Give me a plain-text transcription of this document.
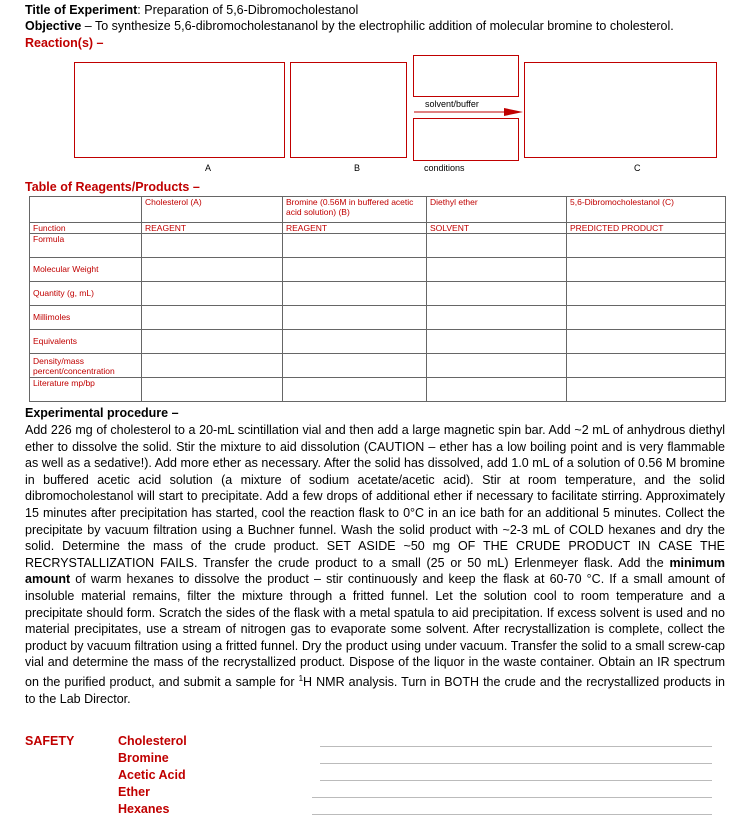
Title of Experiment: Preparation of 5,6-Dibromocholestanol
Objective – To synthesize 5,6-dibromocholestananol by the electrophilic addition of molecular bromine to cholesterol.
Reaction(s) –
solvent/buffer
conditions
A	B	C
Table of Reagents/Products –
	Cholesterol (A)	Bromine (0.56M in buffered acetic acid solution) (B)	Diethyl ether	5,6-Dibromocholestanol (C)
Function	REAGENT	REAGENT	SOLVENT	PREDICTED PRODUCT
Formula				
Molecular Weight				
Quantity (g, mL)				
Millimoles				
Equivalents				
Density/mass percent/concentration				
Literature mp/bp				
Experimental procedure –

Add 226 mg of cholesterol to a 20-mL scintillation vial and then add a large magnetic spin bar. Add ~2 mL of anhydrous diethyl ether to dissolve the solid. Stir the mixture to aid dissolution (CAUTION – ether has a low boiling point and is very flammable as well as a sedative!). Add more ether as necessary. After the solid has dissolved, add 1.0 mL of a solution of 0.56 M bromine in buffered acetic acid solution (a mixture of sodium acetate/acetic acid). Stir at room temperature, and the solid dibromocholestanol will start to precipitate. Add a few drops of additional ether if necessary to facilitate stirring. Approximately 15 minutes after precipitation has started, cool the reaction flask to 0°C in an ice bath for an additional 5 minutes. Collect the precipitate by vacuum filtration using a Buchner funnel. Wash the solid product with ~2-3 mL of COLD hexanes and dry the solid. Determine the mass of the crude product. SET ASIDE ~50 mg OF THE CRUDE PRODUCT IN CASE THE RECRYSTALLIZATION FAILS. Transfer the crude product to a small (25 or 50 mL) Erlenmeyer flask. Add the minimum amount of warm hexanes to dissolve the product – stir continuously and keep the flask at 60-70 °C. If a small amount of insoluble material remains, filter the mixture through a fritted funnel. Let the solution cool to room temperature and a precipitate should form. Scratch the sides of the flask with a metal spatula to aid precipitation. If excess solvent is used and no material precipitates, use a stream of nitrogen gas to evaporate some solvent. After recrystallization is complete, collect the product by vacuum filtration using a fritted funnel. Dry the product using under vacuum. Transfer the solid to a small screw-cap vial and determine the mass of the recrystallized product. Dispose of the liquor in the waste container. Obtain an IR spectrum on the purified product, and submit a sample for $^1$H NMR analysis. Turn in BOTH the crude and the recrystallized products in to the Lab Director.

SAFETY	Cholesterol
Bromine
Acetic Acid
Ether
Hexanes
